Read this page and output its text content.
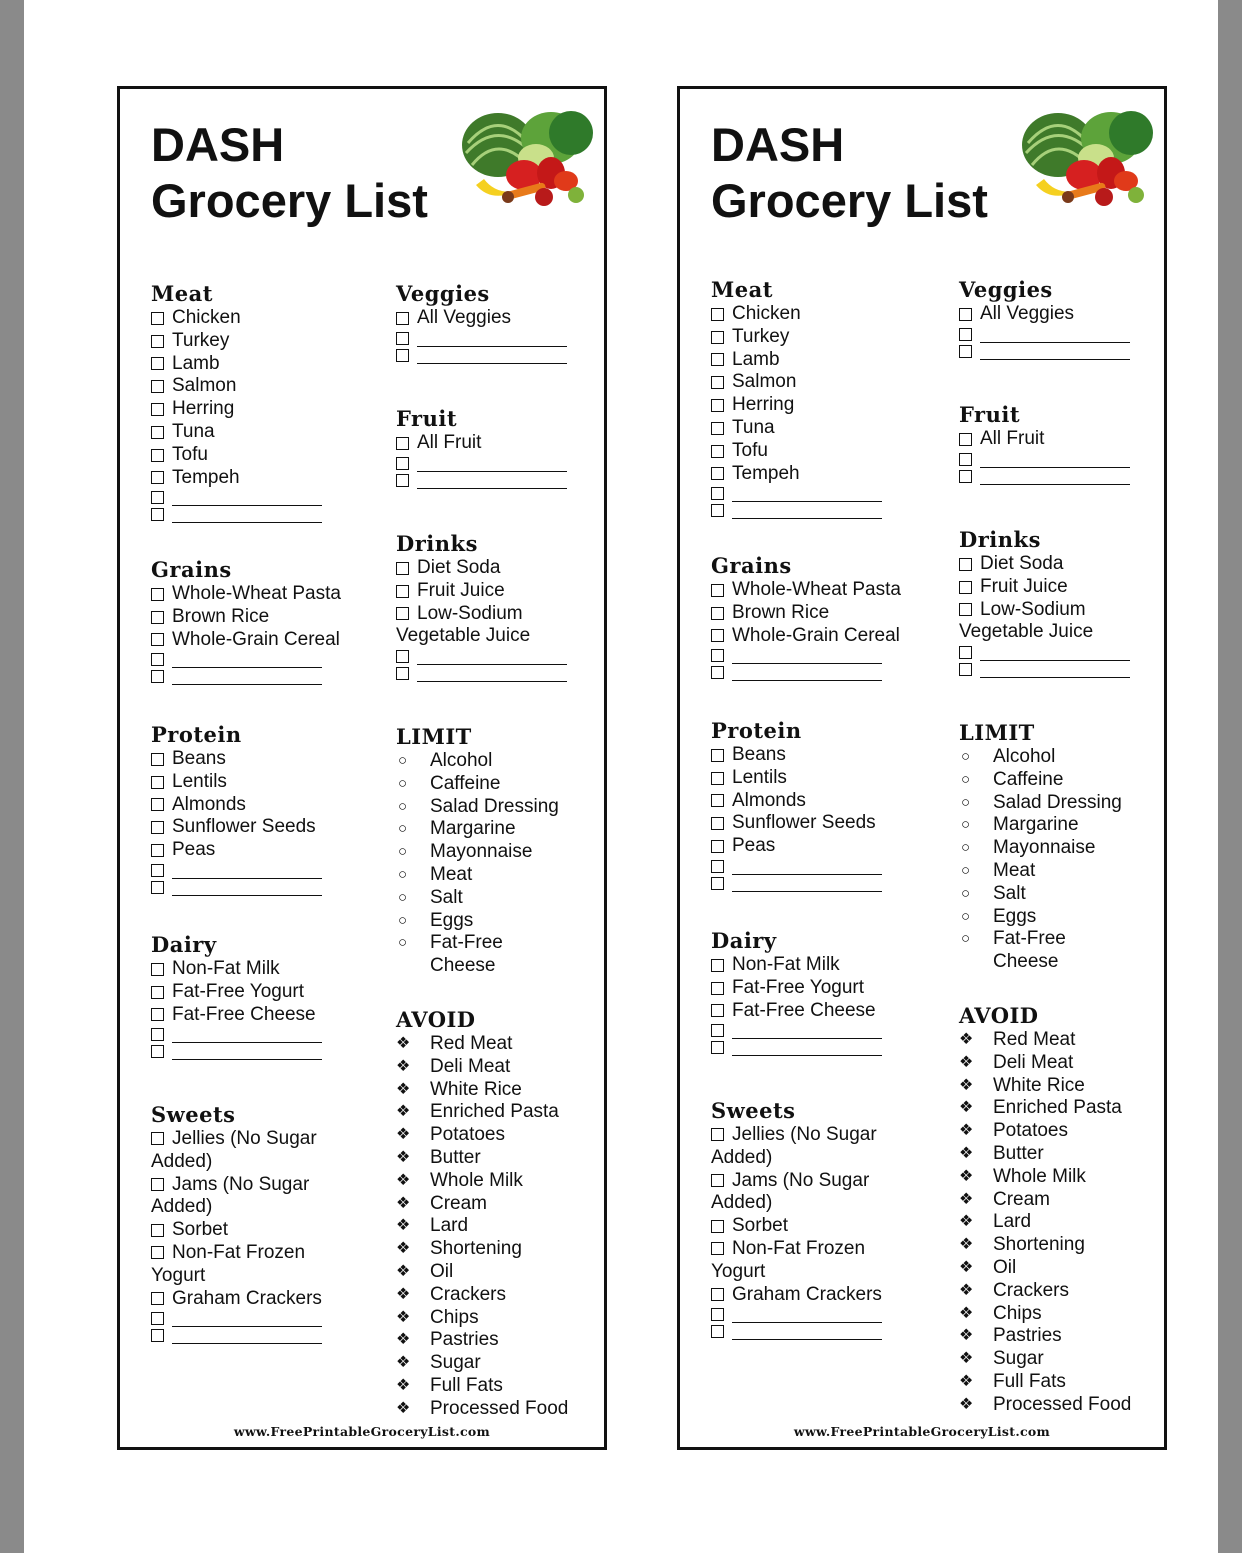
DASH
Grocery List
Meat
Chicken
Turkey
Lamb
Salmon
Herring
Tuna
Tofu
Tempeh
Grains
Whole-Wheat Pasta
Brown Rice
Whole-Grain Cereal
Protein
Beans
Lentils
Almonds
Sunflower Seeds
Peas
Dairy
Non-Fat Milk
Fat-Free Yogurt
Fat-Free Cheese
Sweets
Jellies (No Sugar Added)
Jams (No Sugar Added)
Sorbet
Non-Fat Frozen Yogurt
Graham Crackers
Veggies
All Veggies
Fruit
All Fruit
Drinks
Diet Soda
Fruit Juice
Low-Sodium Vegetable Juice
LIMIT
○	Alcohol
○	Caffeine
○	Salad Dressing
○	Margarine
○	Mayonnaise
○	Meat
○	Salt
○	Eggs
○	Fat-Free Cheese
AVOID
❖	Red Meat
❖	Deli Meat
❖	White Rice
❖	Enriched Pasta
❖	Potatoes
❖	Butter
❖	Whole Milk
❖	Cream
❖	Lard
❖	Shortening
❖	Oil
❖	Crackers
❖	Chips
❖	Pastries
❖	Sugar
❖	Full Fats
❖	Processed Food
www.FreePrintableGroceryList.com
DASH
Grocery List
Meat
Chicken
Turkey
Lamb
Salmon
Herring
Tuna
Tofu
Tempeh
Grains
Whole-Wheat Pasta
Brown Rice
Whole-Grain Cereal
Protein
Beans
Lentils
Almonds
Sunflower Seeds
Peas
Dairy
Non-Fat Milk
Fat-Free Yogurt
Fat-Free Cheese
Sweets
Jellies (No Sugar Added)
Jams (No Sugar Added)
Sorbet
Non-Fat Frozen Yogurt
Graham Crackers
Veggies
All Veggies
Fruit
All Fruit
Drinks
Diet Soda
Fruit Juice
Low-Sodium Vegetable Juice
LIMIT
○	Alcohol
○	Caffeine
○	Salad Dressing
○	Margarine
○	Mayonnaise
○	Meat
○	Salt
○	Eggs
○	Fat-Free Cheese
AVOID
❖	Red Meat
❖	Deli Meat
❖	White Rice
❖	Enriched Pasta
❖	Potatoes
❖	Butter
❖	Whole Milk
❖	Cream
❖	Lard
❖	Shortening
❖	Oil
❖	Crackers
❖	Chips
❖	Pastries
❖	Sugar
❖	Full Fats
❖	Processed Food
www.FreePrintableGroceryList.com
